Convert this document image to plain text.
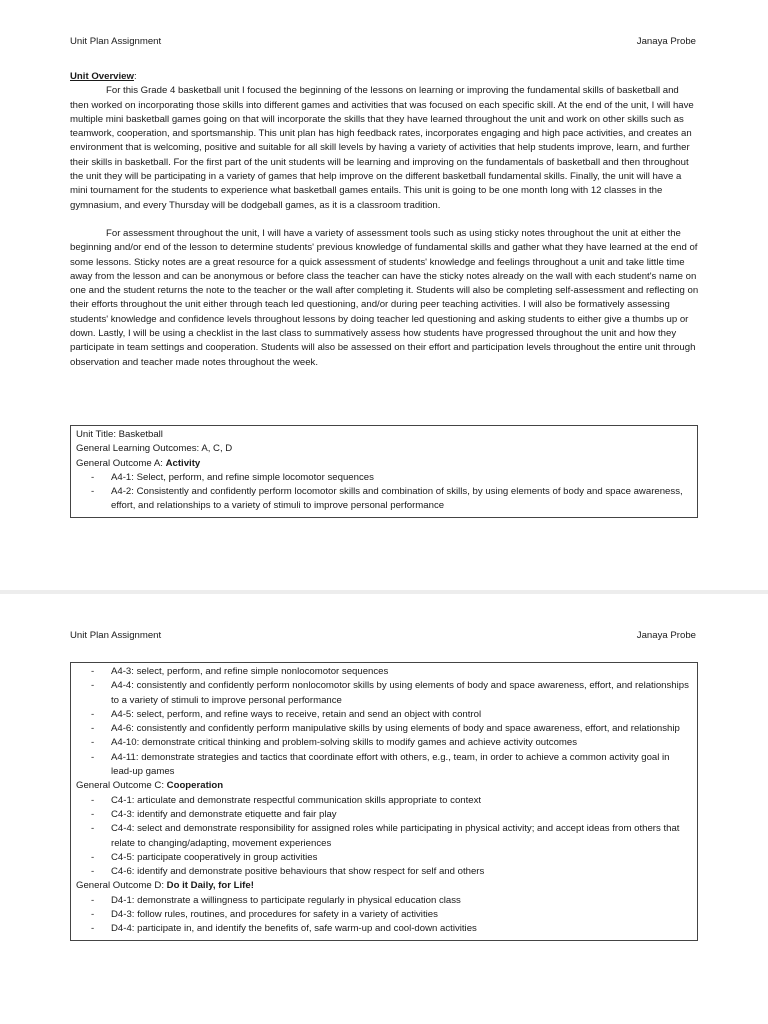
Unit Plan Assignment	Janaya Probe
Unit Overview:

For this Grade 4 basketball unit I focused the beginning of the lessons on learning or improving the fundamental skills of basketball and then worked on incorporating those skills into different games and activities that was focused on each specific skill. At the end of the unit, I will have multiple mini basketball games going on that will incorporate the skills that they have learned throughout the unit and work on other skills such as teamwork, cooperation, and sportsmanship. This unit plan has high feedback rates, incorporates engaging and high pace activities, and creates an environment that is welcoming, positive and suitable for all skill levels by having a variety of activities that help students improve, learn, and further their skills in basketball. For the first part of the unit students will be learning and improving on the fundamentals of basketball and then throughout the unit they will be participating in a variety of games that help improve on the different basketball fundamental skills. Finally, the unit will have a mini tournament for the students to experience what basketball games entails. This unit is going to be one month long with 12 classes in the gymnasium, and every Thursday will be dodgeball games, as it is a classroom tradition.

For assessment throughout the unit, I will have a variety of assessment tools such as using sticky notes throughout the unit at either the beginning and/or end of the lesson to determine students' previous knowledge of fundamental skills and gather what they have learned at the end of some lessons. Sticky notes are a great resource for a quick assessment of students' knowledge and feelings throughout a unit and take little time away from the lesson and can be anonymous or before class the teacher can have the sticky notes already on the wall with each student's name on one and the student returns the note to the teacher or the wall after completing it. Students will also be completing self-assessment and reflecting on their efforts throughout the unit either through teach led questioning, and/or during peer teaching activities. I will also be formatively assessing students' knowledge and confidence levels throughout lessons by doing teacher led questioning and asking students to either give a thumbs up or down. Lastly, I will be using a checklist in the last class to summatively assess how students have progressed throughout the unit and how they participate in team settings and cooperation. Students will also be assessed on their effort and participation levels throughout the entire unit through observation and teacher made notes throughout the week.

Unit Title: Basketball
General Learning Outcomes: A, C, D
General Outcome A: Activity
- A4-1: Select, perform, and refine simple locomotor sequences
- A4-2: Consistently and confidently perform locomotor skills and combination of skills, by using elements of body and space awareness, effort, and relationships to a variety of stimuli to improve personal performance
Unit Plan Assignment	Janaya Probe
- A4-3: select, perform, and refine simple nonlocomotor sequences
- A4-4: consistently and confidently perform nonlocomotor skills by using elements of body and space awareness, effort, and relationships to a variety of stimuli to improve personal performance
- A4-5: select, perform, and refine ways to receive, retain and send an object with control
- A4-6: consistently and confidently perform manipulative skills by using elements of body and space awareness, effort, and relationship
- A4-10: demonstrate critical thinking and problem-solving skills to modify games and achieve activity outcomes
- A4-11: demonstrate strategies and tactics that coordinate effort with others, e.g., team, in order to achieve a common activity goal in lead-up games
General Outcome C: Cooperation
- C4-1: articulate and demonstrate respectful communication skills appropriate to context
- C4-3: identify and demonstrate etiquette and fair play
- C4-4: select and demonstrate responsibility for assigned roles while participating in physical activity; and accept ideas from others that relate to changing/adapting, movement experiences
- C4-5: participate cooperatively in group activities
- C4-6: identify and demonstrate positive behaviours that show respect for self and others
General Outcome D: Do it Daily, for Life!
- D4-1: demonstrate a willingness to participate regularly in physical education class
- D4-3: follow rules, routines, and procedures for safety in a variety of activities
- D4-4: participate in, and identify the benefits of, safe warm-up and cool-down activities
